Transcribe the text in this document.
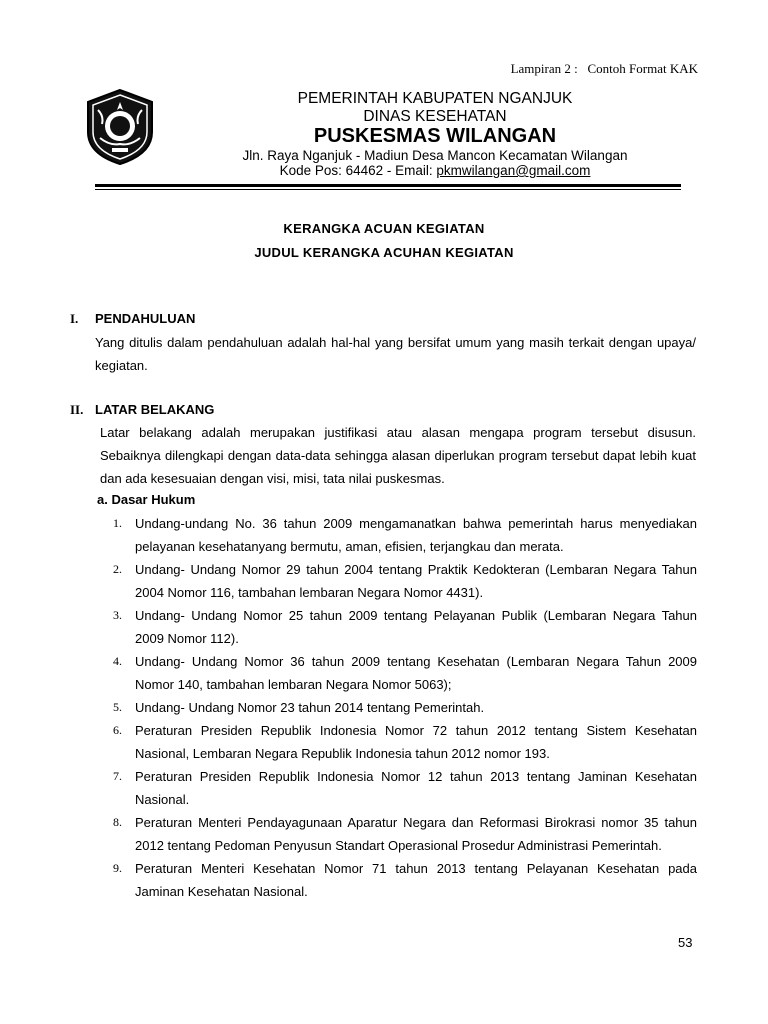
Lampiran 2 :   Contoh Format KAK
PEMERINTAH KABUPATEN NGANJUK
DINAS KESEHATAN
PUSKESMAS WILANGAN
Jln. Raya Nganjuk - Madiun Desa Mancon Kecamatan Wilangan
Kode Pos: 64462 - Email: pkmwilangan@gmail.com
KERANGKA ACUAN KEGIATAN
JUDUL KERANGKA ACUHAN KEGIATAN
I. PENDAHULUAN
Yang ditulis dalam pendahuluan adalah hal-hal yang bersifat umum yang masih terkait dengan upaya/ kegiatan.
II. LATAR BELAKANG
Latar belakang adalah merupakan justifikasi atau alasan mengapa program tersebut disusun. Sebaiknya dilengkapi dengan data-data sehingga alasan diperlukan program tersebut dapat lebih kuat dan ada kesesuaian dengan visi, misi, tata nilai puskesmas.
a. Dasar Hukum
1.	Undang-undang No. 36 tahun 2009 mengamanatkan bahwa pemerintah harus menyediakan pelayanan kesehatanyang bermutu, aman, efisien, terjangkau dan merata.
2.	Undang- Undang Nomor 29 tahun 2004 tentang Praktik Kedokteran (Lembaran Negara Tahun 2004 Nomor 116, tambahan lembaran Negara Nomor 4431).
3.	Undang- Undang Nomor 25 tahun 2009 tentang Pelayanan Publik (Lembaran Negara Tahun 2009 Nomor 112).
4.	Undang- Undang Nomor 36 tahun 2009 tentang Kesehatan (Lembaran Negara Tahun 2009 Nomor 140, tambahan lembaran Negara Nomor 5063);
5.	Undang- Undang Nomor 23 tahun 2014 tentang Pemerintah.
6.	Peraturan Presiden Republik Indonesia Nomor 72 tahun 2012 tentang Sistem Kesehatan Nasional, Lembaran Negara Republik Indonesia tahun 2012 nomor 193.
7.	Peraturan Presiden Republik Indonesia Nomor 12 tahun 2013 tentang Jaminan Kesehatan Nasional.
8.	Peraturan Menteri Pendayagunaan Aparatur Negara dan Reformasi Birokrasi nomor 35 tahun 2012 tentang Pedoman Penyusun Standart Operasional Prosedur Administrasi Pemerintah.
9.	Peraturan Menteri Kesehatan Nomor 71 tahun 2013 tentang Pelayanan Kesehatan pada Jaminan Kesehatan Nasional.
53
